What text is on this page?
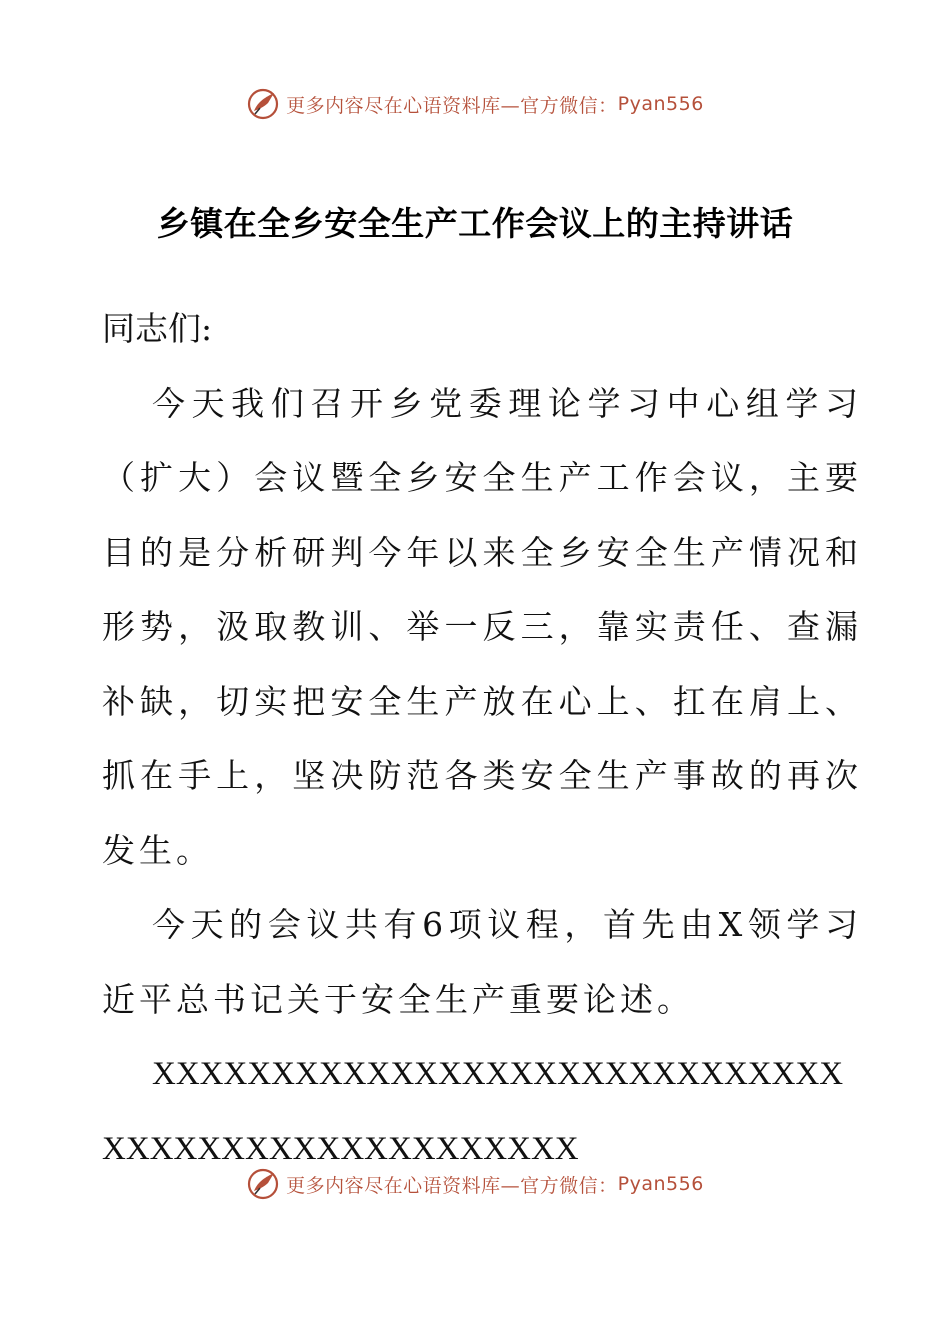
更多内容尽在心语资料库—官方微信： Pyan556
乡镇在全乡安全生产工作会议上的主持讲话

同志们:

今天我们召开乡党委理论学习中心组学习（扩大）会议暨全乡安全生产工作会议，主要目的是分析研判今年以来全乡安全生产情况和形势，汲取教训、举一反三，靠实责任、查漏补缺，切实把安全生产放在心上、扛在肩上、抓在手上，坚决防范各类安全生产事故的再次发生。

今天的会议共有6项议程，首先由X领学习近平总书记关于安全生产重要论述。

XXXXXXXXXXXXXXXXXXXXXXXXXXXXXXXXXXXXXXXXXXXXXXXXX

更多内容尽在心语资料库—官方微信： Pyan556
